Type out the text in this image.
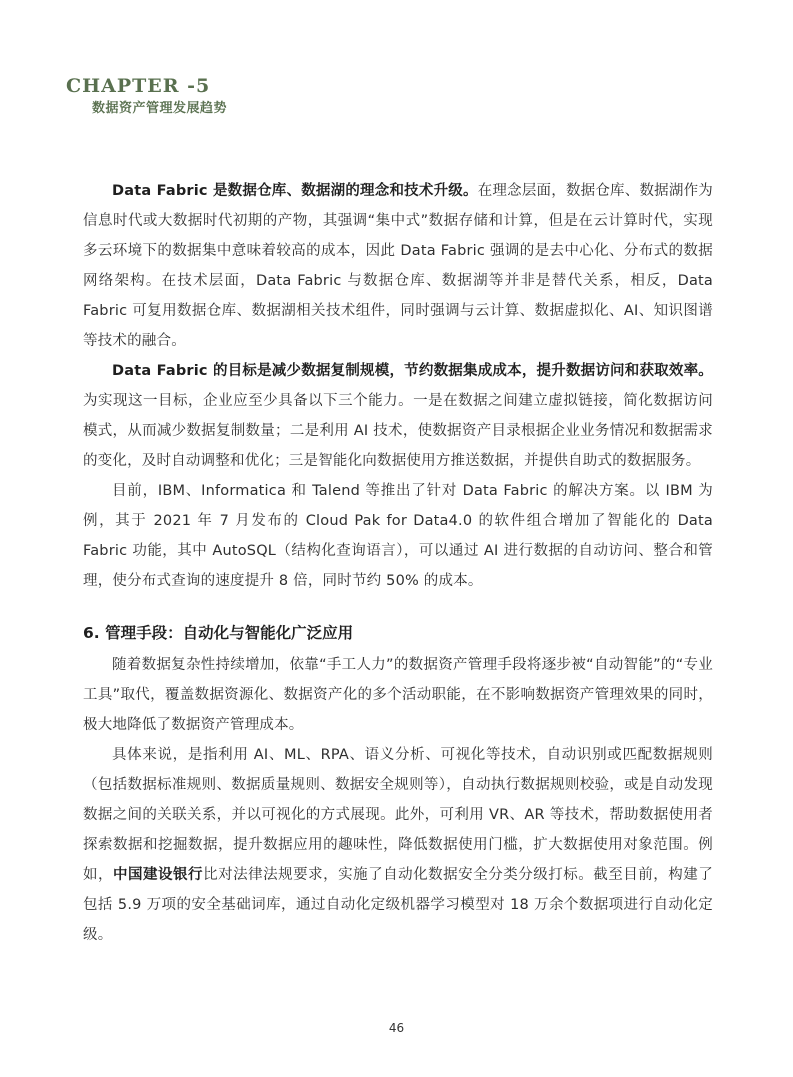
CHAPTER -5
数据资产管理发展趋势

Data Fabric 是数据仓库、数据湖的理念和技术升级。在理念层面，数据仓库、数据湖作为信息时代或大数据时代初期的产物，其强调“集中式”数据存储和计算，但是在云计算时代，实现多云环境下的数据集中意味着较高的成本，因此 Data Fabric 强调的是去中心化、分布式的数据网络架构。在技术层面，Data Fabric 与数据仓库、数据湖等并非是替代关系，相反，Data Fabric 可复用数据仓库、数据湖相关技术组件，同时强调与云计算、数据虚拟化、AI、知识图谱等技术的融合。

Data Fabric 的目标是减少数据复制规模，节约数据集成成本，提升数据访问和获取效率。为实现这一目标，企业应至少具备以下三个能力。一是在数据之间建立虚拟链接，简化数据访问模式，从而减少数据复制数量；二是利用 AI 技术，使数据资产目录根据企业业务情况和数据需求的变化，及时自动调整和优化；三是智能化向数据使用方推送数据，并提供自助式的数据服务。

目前，IBM、Informatica 和 Talend 等推出了针对 Data Fabric 的解决方案。以 IBM 为例，其于 2021 年 7 月发布的 Cloud Pak for Data4.0 的软件组合增加了智能化的 Data Fabric 功能，其中 AutoSQL（结构化查询语言），可以通过 AI 进行数据的自动访问、整合和管理，使分布式查询的速度提升 8 倍，同时节约 50% 的成本。

6. 管理手段：自动化与智能化广泛应用

随着数据复杂性持续增加，依靠“手工人力”的数据资产管理手段将逐步被“自动智能”的“专业工具”取代，覆盖数据资源化、数据资产化的多个活动职能，在不影响数据资产管理效果的同时，极大地降低了数据资产管理成本。

具体来说，是指利用 AI、ML、RPA、语义分析、可视化等技术，自动识别或匹配数据规则（包括数据标准规则、数据质量规则、数据安全规则等），自动执行数据规则校验，或是自动发现数据之间的关联关系，并以可视化的方式展现。此外，可利用 VR、AR 等技术，帮助数据使用者探索数据和挖掘数据，提升数据应用的趣味性，降低数据使用门槛，扩大数据使用对象范围。例如，中国建设银行比对法律法规要求，实施了自动化数据安全分类分级打标。截至目前，构建了包括 5.9 万项的安全基础词库，通过自动化定级机器学习模型对 18 万余个数据项进行自动化定级。

46
